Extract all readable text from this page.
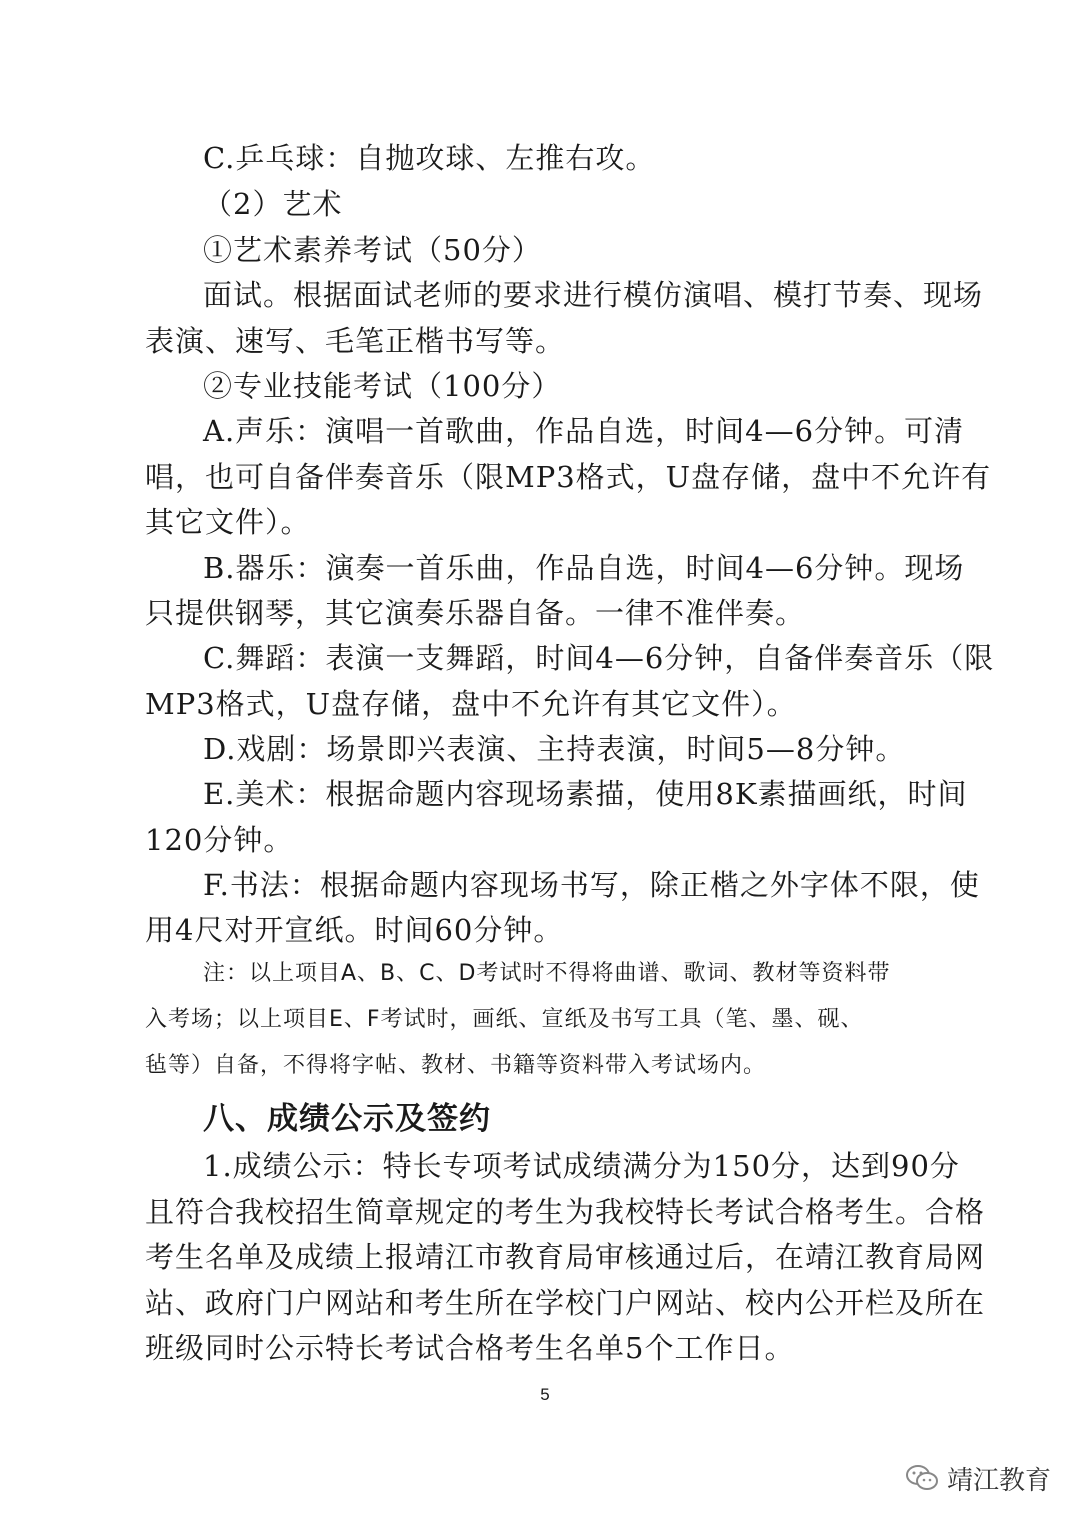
C.乒乓球：自抛攻球、左推右攻。
（2）艺术
①艺术素养考试（50分）
面试。根据面试老师的要求进行模仿演唱、模打节奏、现场
表演、速写、毛笔正楷书写等。
②专业技能考试（100分）
A.声乐：演唱一首歌曲，作品自选，时间4—6分钟。可清
唱，也可自备伴奏音乐（限MP3格式，U盘存储，盘中不允许有
其它文件）。
B.器乐：演奏一首乐曲，作品自选，时间4—6分钟。现场
只提供钢琴，其它演奏乐器自备。一律不准伴奏。
C.舞蹈：表演一支舞蹈，时间4—6分钟，自备伴奏音乐（限
MP3格式，U盘存储，盘中不允许有其它文件）。
D.戏剧：场景即兴表演、主持表演，时间5—8分钟。
E.美术：根据命题内容现场素描，使用8K素描画纸，时间
120分钟。
F.书法：根据命题内容现场书写，除正楷之外字体不限，使
用4尺对开宣纸。时间60分钟。
注：以上项目A、B、C、D考试时不得将曲谱、歌词、教材等资料带
入考场；以上项目E、F考试时，画纸、宣纸及书写工具（笔、墨、砚、
毡等）自备，不得将字帖、教材、书籍等资料带入考试场内。
八、成绩公示及签约
1.成绩公示：特长专项考试成绩满分为150分，达到90分
且符合我校招生简章规定的考生为我校特长考试合格考生。合格
考生名单及成绩上报靖江市教育局审核通过后，在靖江教育局网
站、政府门户网站和考生所在学校门户网站、校内公开栏及所在
班级同时公示特长考试合格考生名单5个工作日。
5
靖江教育
